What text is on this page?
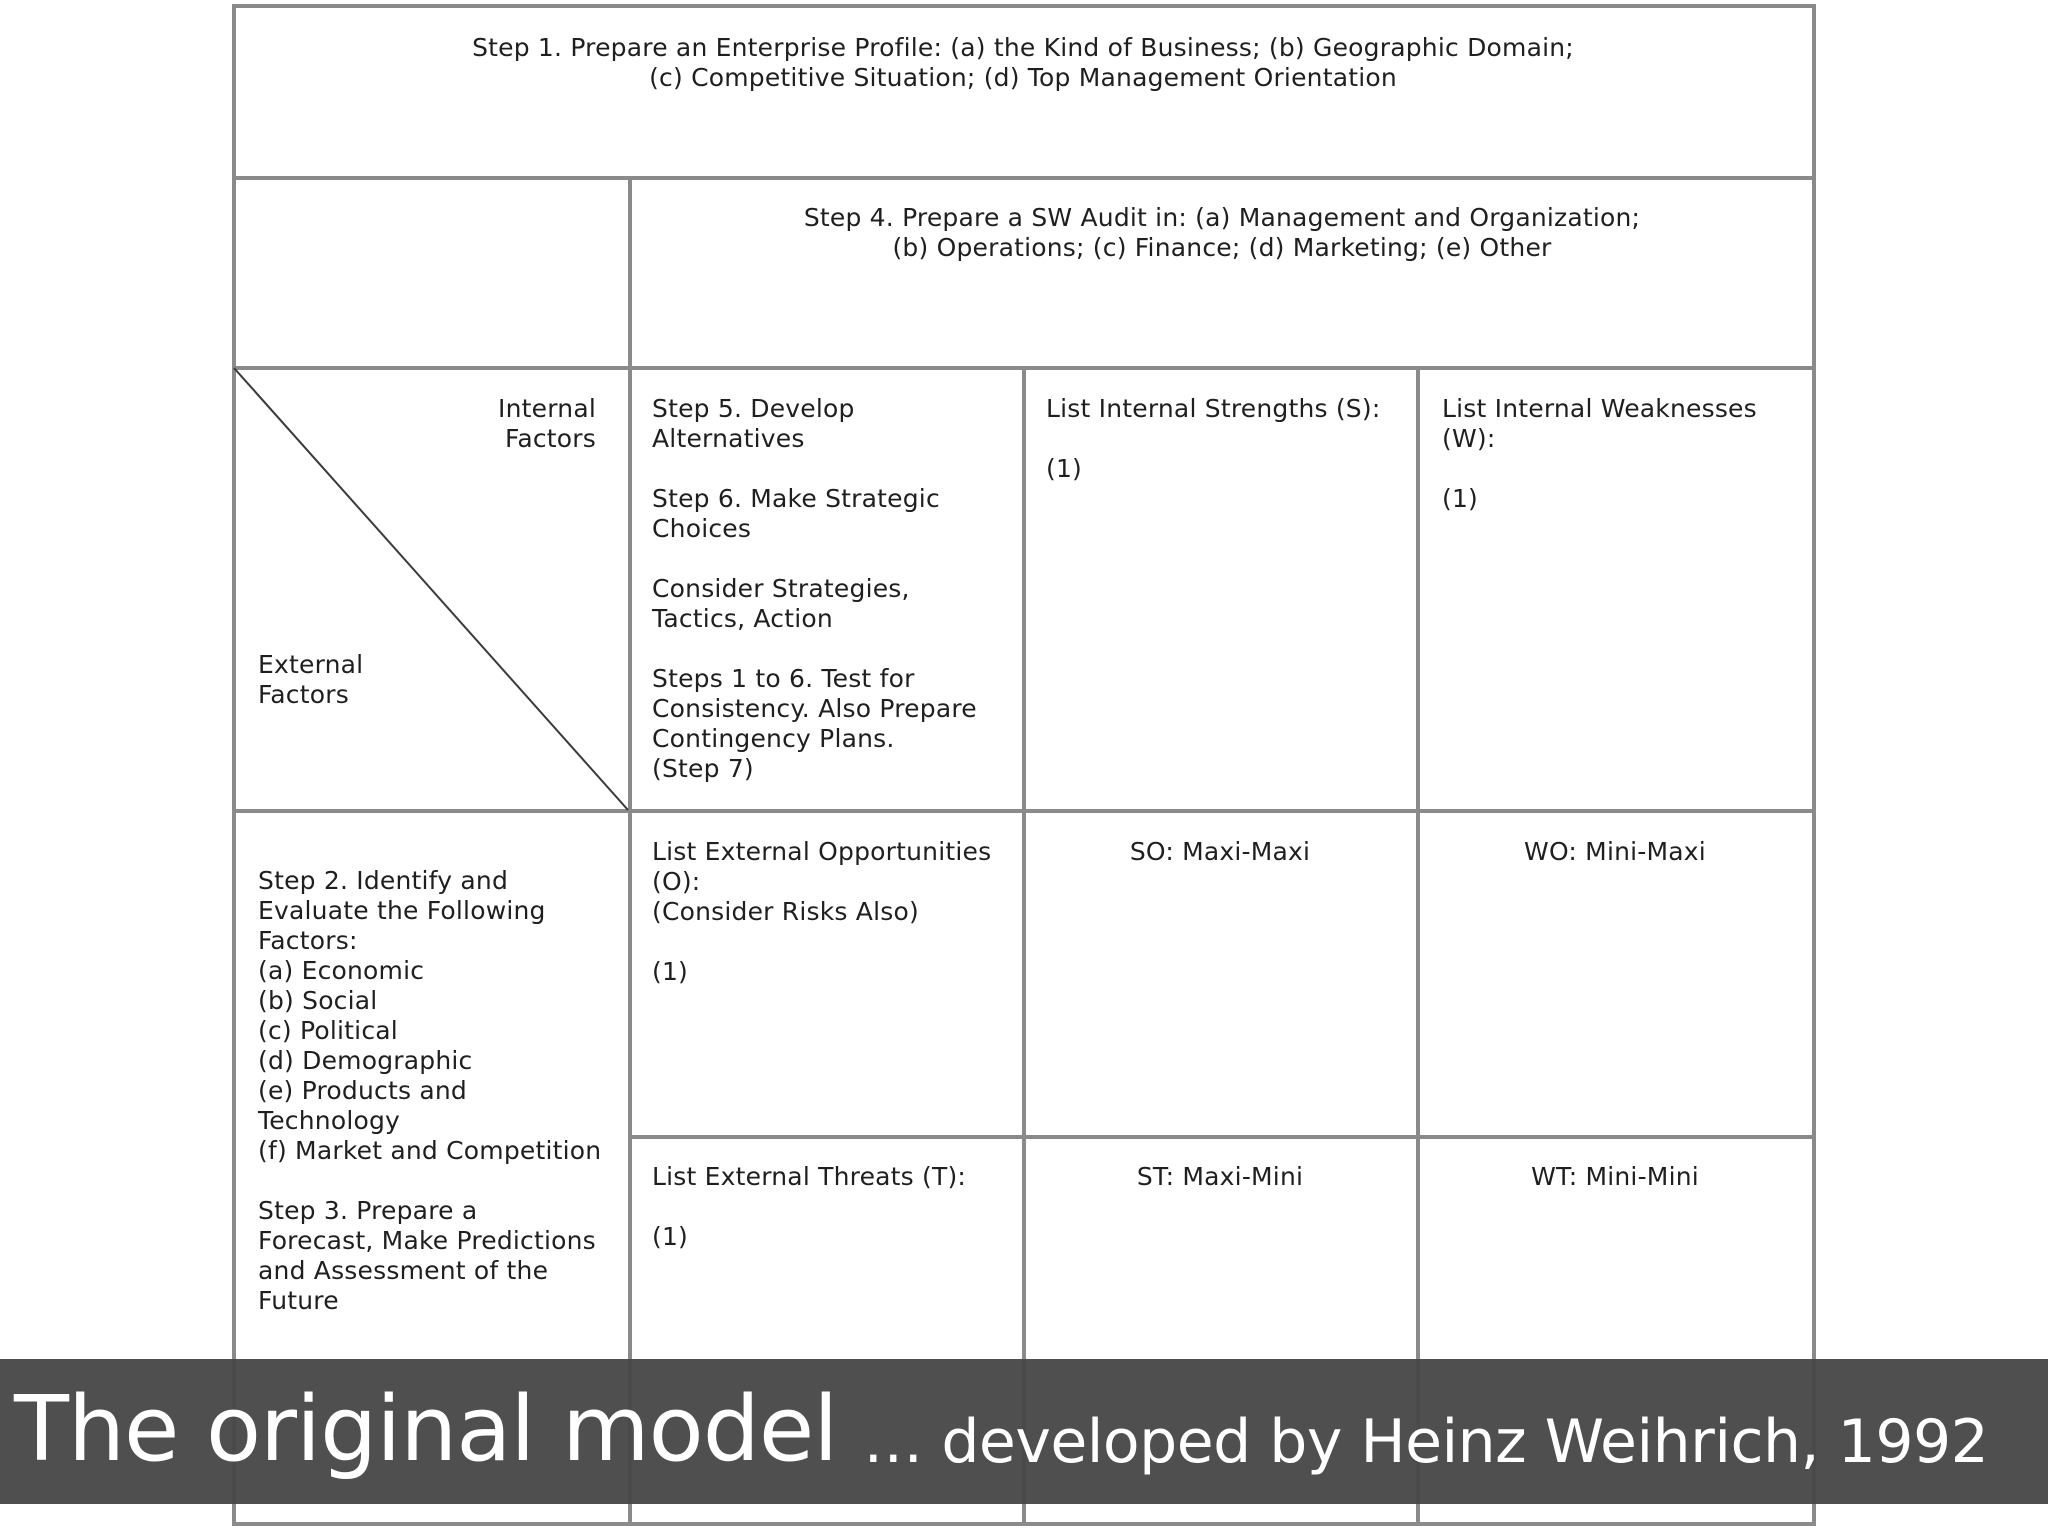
Step 1. Prepare an Enterprise Profile: (a) the Kind of Business; (b) Geographic Domain;
(c) Competitive Situation; (d) Top Management Orientation
Step 4. Prepare a SW Audit in: (a) Management and Organization;
(b) Operations; (c) Finance; (d) Marketing; (e) Other
Internal
Factors
External
Factors
Step 5. Develop
Alternatives

Step 6. Make Strategic
Choices

Consider Strategies,
Tactics, Action

Steps 1 to 6. Test for
Consistency. Also Prepare
Contingency Plans.
(Step 7)
List Internal Strengths (S):

(1)
List Internal Weaknesses
(W):

(1)
Step 2. Identify and
Evaluate the Following
Factors:
(a) Economic
(b) Social
(c) Political
(d) Demographic
(e) Products and
Technology
(f) Market and Competition

Step 3. Prepare a
Forecast, Make Predictions
and Assessment of the
Future
List External Opportunities
(O):
(Consider Risks Also)

(1)
SO: Maxi-Maxi	WO: Mini-Maxi
List External Threats (T):

(1)
ST: Maxi-Mini	WT: Mini-Mini
The original model … developed by Heinz Weihrich, 1992
